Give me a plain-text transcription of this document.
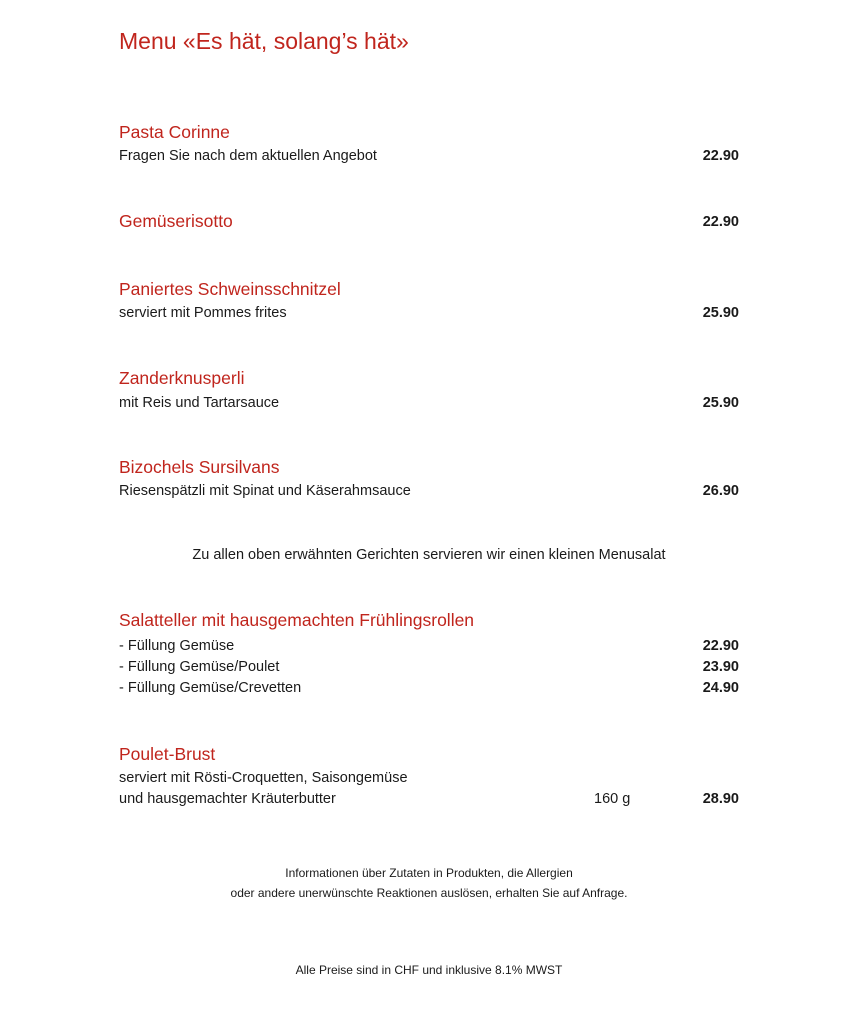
Menu «Es hät, solang’s hät»
Pasta Corinne
Fragen Sie nach dem aktuellen Angebot	22.90
Gemüserisotto	22.90
Paniertes Schweinsschnitzel
serviert mit Pommes frites	25.90
Zanderknusperli
mit Reis und Tartarsauce	25.90
Bizochels Sursilvans
Riesenspätzli mit Spinat und Käserahmsauce	26.90
Zu allen oben erwähnten Gerichten servieren wir einen kleinen Menusalat
Salatteller mit hausgemachten Frühlingsrollen
- Füllung Gemüse	22.90
- Füllung Gemüse/Poulet	23.90
- Füllung Gemüse/Crevetten	24.90
Poulet-Brust
serviert mit Rösti-Croquetten, Saisongemüse
und hausgemachter Kräuterbutter	160 g	28.90
Informationen über Zutaten in Produkten, die Allergien
oder andere unerwünschte Reaktionen auslösen, erhalten Sie auf Anfrage.
Alle Preise sind in CHF und inklusive 8.1% MWST
